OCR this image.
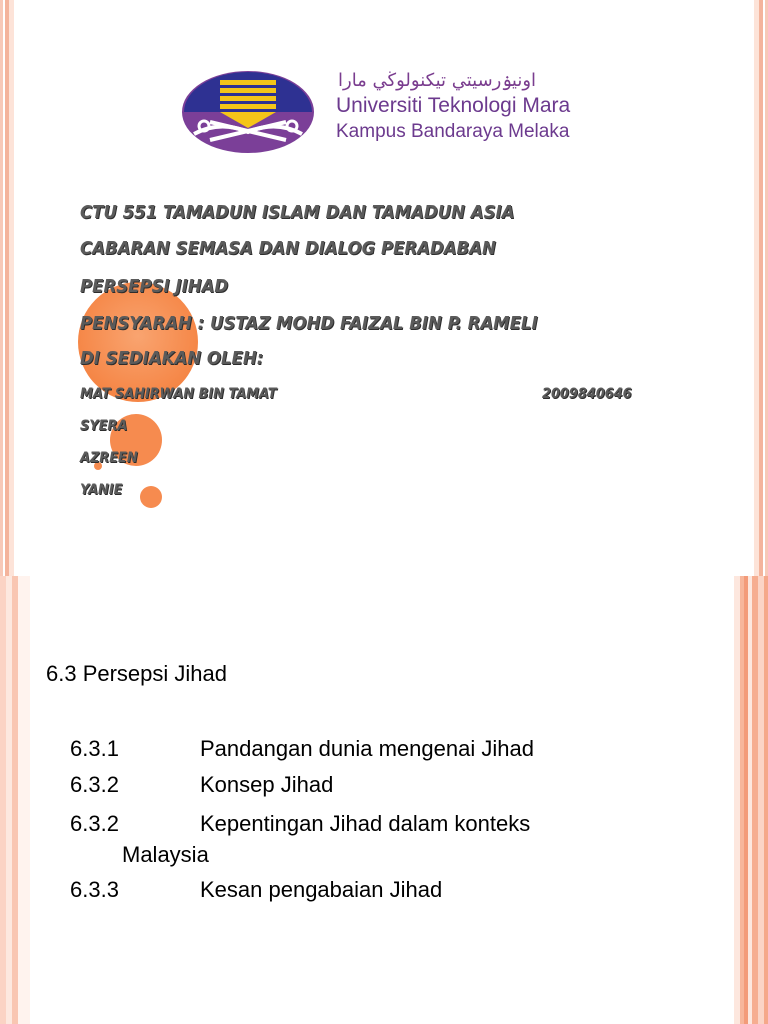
اونيۏرسيتي تيکنولوڬي مارا
Universiti Teknologi Mara
Kampus Bandaraya Melaka
CTU 551 TAMADUN ISLAM DAN TAMADUN ASIA
CABARAN SEMASA DAN DIALOG PERADABAN
PERSEPSI JIHAD
PENSYARAH : USTAZ MOHD FAIZAL BIN P. RAMELI
DI SEDIAKAN OLEH:
MAT SAHIRWAN BIN TAMAT	2009840646
SYERA
AZREEN
YANIE
6.3 Persepsi Jihad
6.3.1	Pandangan dunia mengenai Jihad
6.3.2	Konsep Jihad
6.3.2	Kepentingan Jihad dalam konteks
Malaysia
6.3.3	Kesan pengabaian Jihad
